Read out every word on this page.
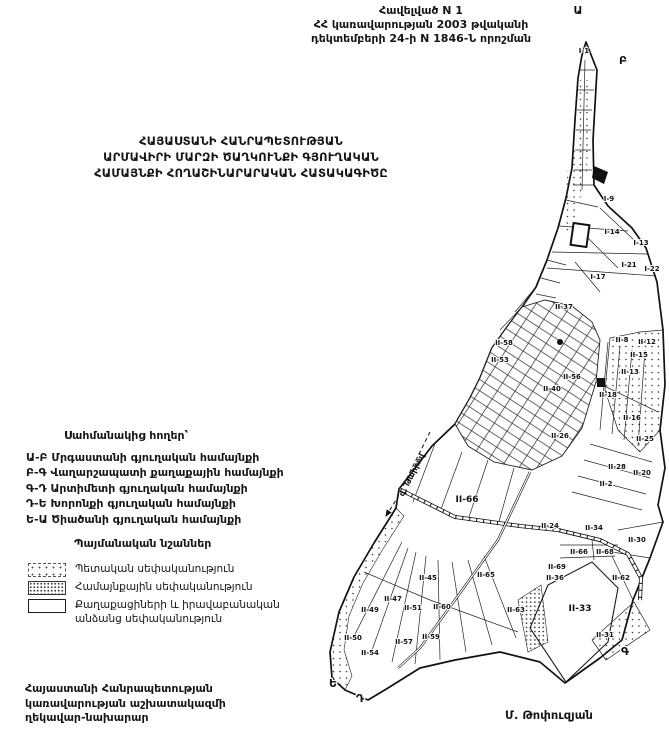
Հավելված N 1
ՀՀ կառավարության 2003 թվականի
դեկտեմբերի 24-ի N 1846-Ն որոշման
ՀԱՅԱՍՏԱՆԻ ՀԱՆՐԱՊԵՏՈՒԹՅԱՆ
ԱՐՄԱՎԻՐԻ ՄԱՐԶԻ ԾԱՂԿՈՒՆՔԻ ԳՅՈՒՂԱԿԱՆ
ՀԱՄԱՅՆՔԻ ՀՈՂԱՇԻՆԱՐԱՐԱԿԱՆ ՀԱՏԱԿԱԳԻԾԸ
Սահմանակից հողեր՝
Ա-Բ Մրգաստանի գյուղական համայնքի
Բ-Գ Վաղարշապատի քաղաքային համայնքի
Գ-Դ Արտիմետի գյուղական համայնքի
Դ-Ե Խորոնքի գյուղական համայնքի
Ե-Ա Ծիածանի գյուղական համայնքի
Պայմանական նշաններ
Պետական սեփականություն
Համայնքային սեփականություն
Քաղաքացիների և իրավաբանական անձանց սեփականություն
Հայաստանի Հանրապետության
կառավարության աշխատակազմի
ղեկավար-նախարար	Մ. Թոփուզյան
գ. Թաիրով
I-1
I-9
I-14
I-13
I-21 I-22
I-17
II-37
II-58
II-53
II-8 II-12
II-15
II-13
II-56
II-40
II-18
II-16
II-26	II-25
II-28
II-20
II-2
II-66
II-24	II-34
II-30
II-45	II-65
II-47
II-49	II-51 II-60	II-63
II-50
II-54
II-57
II-59
II-66 II-68
II-69
II-36	II-62
II-33
II-31
Ա
Բ
Գ
Դ
Ե
